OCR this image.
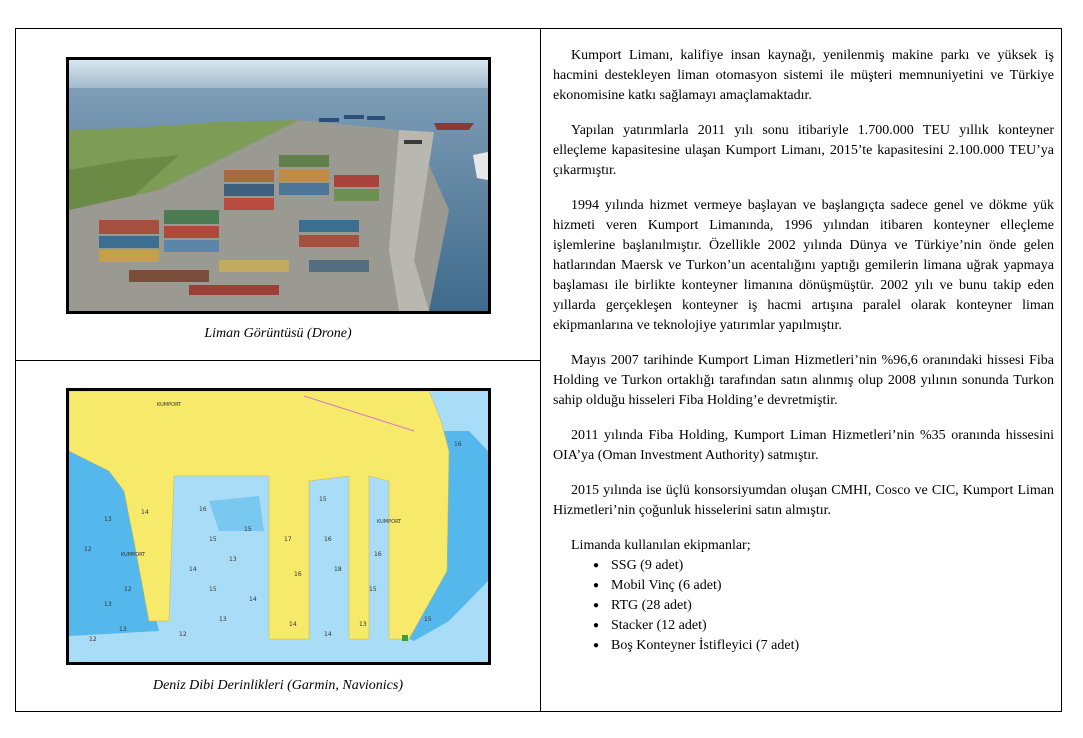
Liman Görüntüsü (Drone)
KUMPORT
KUMPORT
KUMPORT
13
12
14	16
15
15
13
14
17
16
12
13
15
14
16
18
15
16
15
14	13
13
12
12
13
14
15
16
Deniz Dibi Derinlikleri (Garmin, Navionics)

Kumport Limanı, kalifiye insan kaynağı, yenilenmiş makine parkı ve yüksek iş hacmini destekleyen liman otomasyon sistemi ile müşteri memnuniyetini ve Türkiye ekonomisine katkı sağlamayı amaçlamaktadır.

Yapılan yatırımlarla 2011 yılı sonu itibariyle 1.700.000 TEU yıllık konteyner elleçleme kapasitesine ulaşan Kumport Limanı, 2015’te kapasitesini 2.100.000 TEU’ya çıkarmıştır.

1994 yılında hizmet vermeye başlayan ve başlangıçta sadece genel ve dökme yük hizmeti veren Kumport Limanında, 1996 yılından itibaren konteyner elleçleme işlemlerine başlanılmıştır. Özellikle 2002 yılında Dünya ve Türkiye’nin önde gelen hatlarından Maersk ve Turkon’un acentalığını yaptığı gemilerin limana uğrak yapmaya başlaması ile birlikte konteyner limanına dönüşmüştür. 2002 yılı ve bunu takip eden yıllarda gerçekleşen konteyner iş hacmi artışına paralel olarak konteyner liman ekipmanlarına ve teknolojiye yatırımlar yapılmıştır.

Mayıs 2007 tarihinde Kumport Liman Hizmetleri’nin %96,6 oranındaki hissesi Fiba Holding ve Turkon ortaklığı tarafından satın alınmış olup 2008 yılının sonunda Turkon sahip olduğu hisseleri Fiba Holding’e devretmiştir.

2011 yılında Fiba Holding, Kumport Liman Hizmetleri’nin %35 oranında hissesini OIA’ya (Oman Investment Authority) satmıştır.

2015 yılında ise üçlü konsorsiyumdan oluşan CMHI, Cosco ve CIC, Kumport Liman Hizmetleri’nin çoğunluk hisselerini satın almıştır.

Limanda kullanılan ekipmanlar;
● SSG (9 adet)
● Mobil Vinç (6 adet)
● RTG (28 adet)
● Stacker (12 adet)
● Boş Konteyner İstifleyici (7 adet)
